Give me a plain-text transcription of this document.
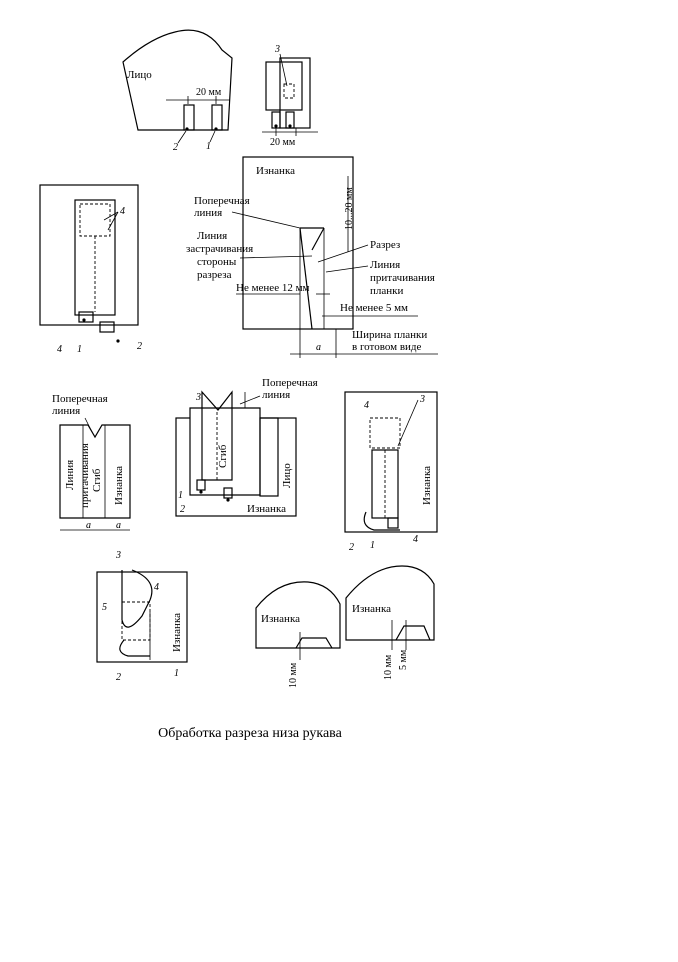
Лицо
20 мм
2	1
3
20 мм
4
4 1	2
Изнанка
10...20 мм
Поперечная
линия
Линия
застрачивания
стороны
разреза
Разрез
Линия
притачивания
планки
Не менее 12 мм
Не менее 5 мм
Ширина планки
в готовом виде
a
Поперечная
линия
Линия притачивания Сгиб Изнанка
a	a
3
Поперечная
линия
Сгиб
Лицо
Изнанка
1
2
4
3
Изнанка
2 1
4
3
4
5
Изнанка
2	1
Изнанка
10 мм
Изнанка
10 мм 5 мм
Обработка разреза низа рукава
